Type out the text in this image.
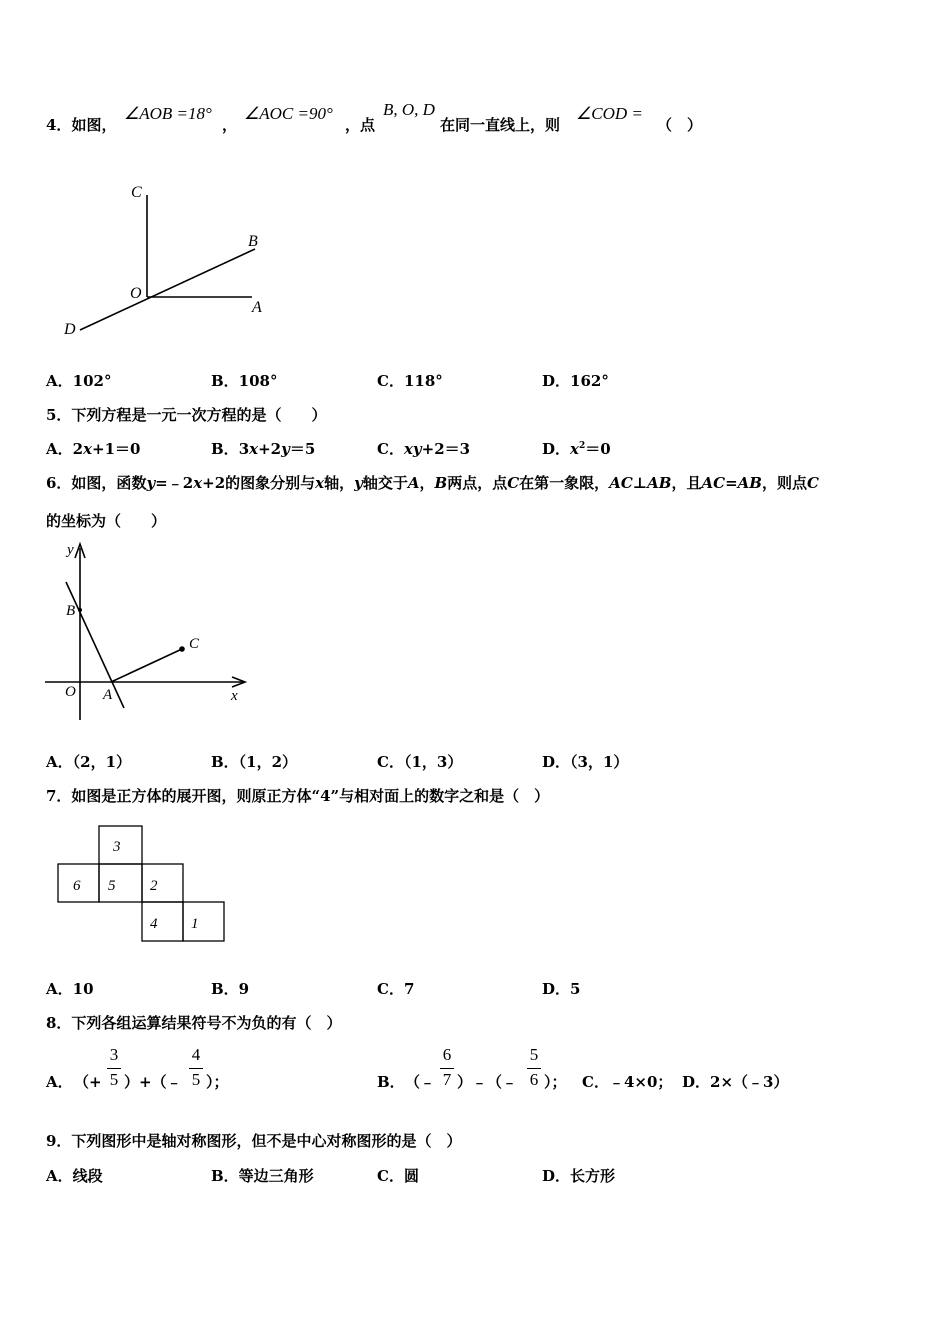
4．如图，
∠AOB =18°
，
∠AOC =90°
，点
B, O, D
在同一直线上，则
∠COD =
（　）
C
B
O
A
D
A．102°	B．108°	C．118°	D．162°
5．下列方程是一元一次方程的是（　　）
A．2x+1＝0	B．3x+2y＝5	C．xy+2＝3	D．$x^2=0$
6．如图，函数y=﹣2x+2的图象分别与x轴，y轴交于A，B两点，点C在第一象限，AC⊥AB，且AC=AB，则点C
的坐标为（　　）
y
B
C
O A	x
A．（2，1）	B．（1，2）	C．（1，3）	D．（3，1）
7．如图是正方体的展开图，则原正方体“4”与相对面上的数字之和是（　）
3
6 5 2
4 1
A．10	B．9	C．7	D．5
8．下列各组运算结果符号不为负的有（　）
A． （+
3
5 ）+（﹣
4
5 ）；	B． （﹣
6
7 ）﹣（﹣
5
6 ）； C．﹣4×0； D．2×（﹣3）
9．下列图形中是轴对称图形，但不是中心对称图形的是（　）
A．线段	B．等边三角形	C．圆	D．长方形
